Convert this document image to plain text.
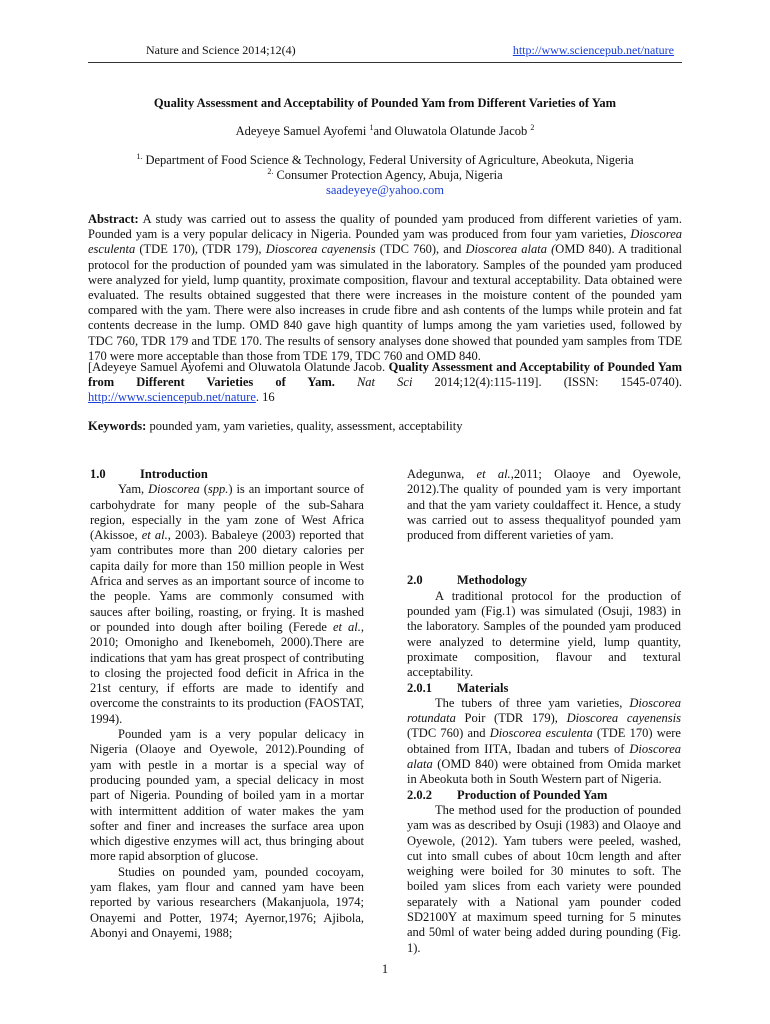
Nature and Science 2014;12(4)	http://www.sciencepub.net/nature
Quality Assessment and Acceptability of Pounded Yam from Different Varieties of Yam
Adeyeye Samuel Ayofemi $^1$and Oluwatola Olatunde Jacob $^2$
$^{1.}$ Department of Food Science & Technology, Federal University of Agriculture, Abeokuta, Nigeria
$^{2.}$ Consumer Protection Agency, Abuja, Nigeria
saadeyeye@yahoo.com
Abstract: A study was carried out to assess the quality of pounded yam produced from different varieties of yam. Pounded yam is a very popular delicacy in Nigeria. Pounded yam was produced from four yam varieties, Dioscorea esculenta (TDE 170), (TDR 179), Dioscorea cayenensis (TDC 760), and Dioscorea alata (OMD 840). A traditional protocol for the production of pounded yam was simulated in the laboratory. Samples of the pounded yam produced were analyzed for yield, lump quantity, proximate composition, flavour and textural acceptability. Data obtained were evaluated. The results obtained suggested that there were increases in the moisture content of the pounded yam compared with the yam. There were also increases in crude fibre and ash contents of the lumps while protein and fat contents decrease in the lump. OMD 840 gave high quantity of lumps among the yam varieties used, followed by TDC 760, TDR 179 and TDE 170. The results of sensory analyses done showed that pounded yam samples from TDE 170 were more acceptable than those from TDE 179, TDC 760 and OMD 840.
[Adeyeye Samuel Ayofemi and Oluwatola Olatunde Jacob. Quality Assessment and Acceptability of Pounded Yam from Different Varieties of Yam. Nat Sci 2014;12(4):115-119]. (ISSN: 1545-0740). http://www.sciencepub.net/nature. 16
Keywords: pounded yam, yam varieties, quality, assessment, acceptability
1.0	Introduction

Yam, Dioscorea (spp.) is an important source of carbohydrate for many people of the sub-Sahara region, especially in the yam zone of West Africa (Akissoe, et al., 2003). Babaleye (2003) reported that yam contributes more than 200 dietary calories per capita daily for more than 150 million people in West Africa and serves as an important source of income to the people. Yams are commonly consumed with sauces after boiling, roasting, or frying. It is mashed or pounded into dough after boiling (Ferede et al., 2010; Omonigho and Ikenebomeh, 2000).There are indications that yam has great prospect of contributing to closing the projected food deficit in Africa in the 21st century, if efforts are made to identify and overcome the constraints to its production (FAOSTAT, 1994).

Pounded yam is a very popular delicacy in Nigeria (Olaoye and Oyewole, 2012).Pounding of yam with pestle in a mortar is a special way of producing pounded yam, a special delicacy in most part of Nigeria. Pounding of boiled yam in a mortar with intermittent addition of water makes the yam softer and finer and increases the surface area upon which digestive enzymes will act, thus bringing about more rapid absorption of glucose.

Studies on pounded yam, pounded cocoyam, yam flakes, yam flour and canned yam have been reported by various researchers (Makanjuola, 1974; Onayemi and Potter, 1974; Ayernor,1976; Ajibola, Abonyi and Onayemi, 1988;

Adegunwa, et al.,2011; Olaoye and Oyewole, 2012).The quality of pounded yam is very important and that the yam variety couldaffect it. Hence, a study was carried out to assess thequalityof pounded yam produced from different varieties of yam.

2.0	Methodology

A traditional protocol for the production of pounded yam (Fig.1) was simulated (Osuji, 1983) in the laboratory. Samples of the pounded yam produced were analyzed to determine yield, lump quantity, proximate composition, flavour and textural acceptability.

2.0.1	Materials

The tubers of three yam varieties, Dioscorea rotundata Poir (TDR 179), Dioscorea cayenensis (TDC 760) and Dioscorea esculenta (TDE 170) were obtained from IITA, Ibadan and tubers of Dioscorea alata (OMD 840) were obtained from Omida market in Abeokuta both in South Western part of Nigeria.

2.0.2	Production of Pounded Yam

The method used for the production of pounded yam was as described by Osuji (1983) and Olaoye and Oyewole, (2012). Yam tubers were peeled, washed, cut into small cubes of about 10cm length and after weighing were boiled for 30 minutes to soft. The boiled yam slices from each variety were pounded separately with a National yam pounder coded SD2100Y at maximum speed turning for 5 minutes and 50ml of water being added during pounding (Fig. 1).

1
